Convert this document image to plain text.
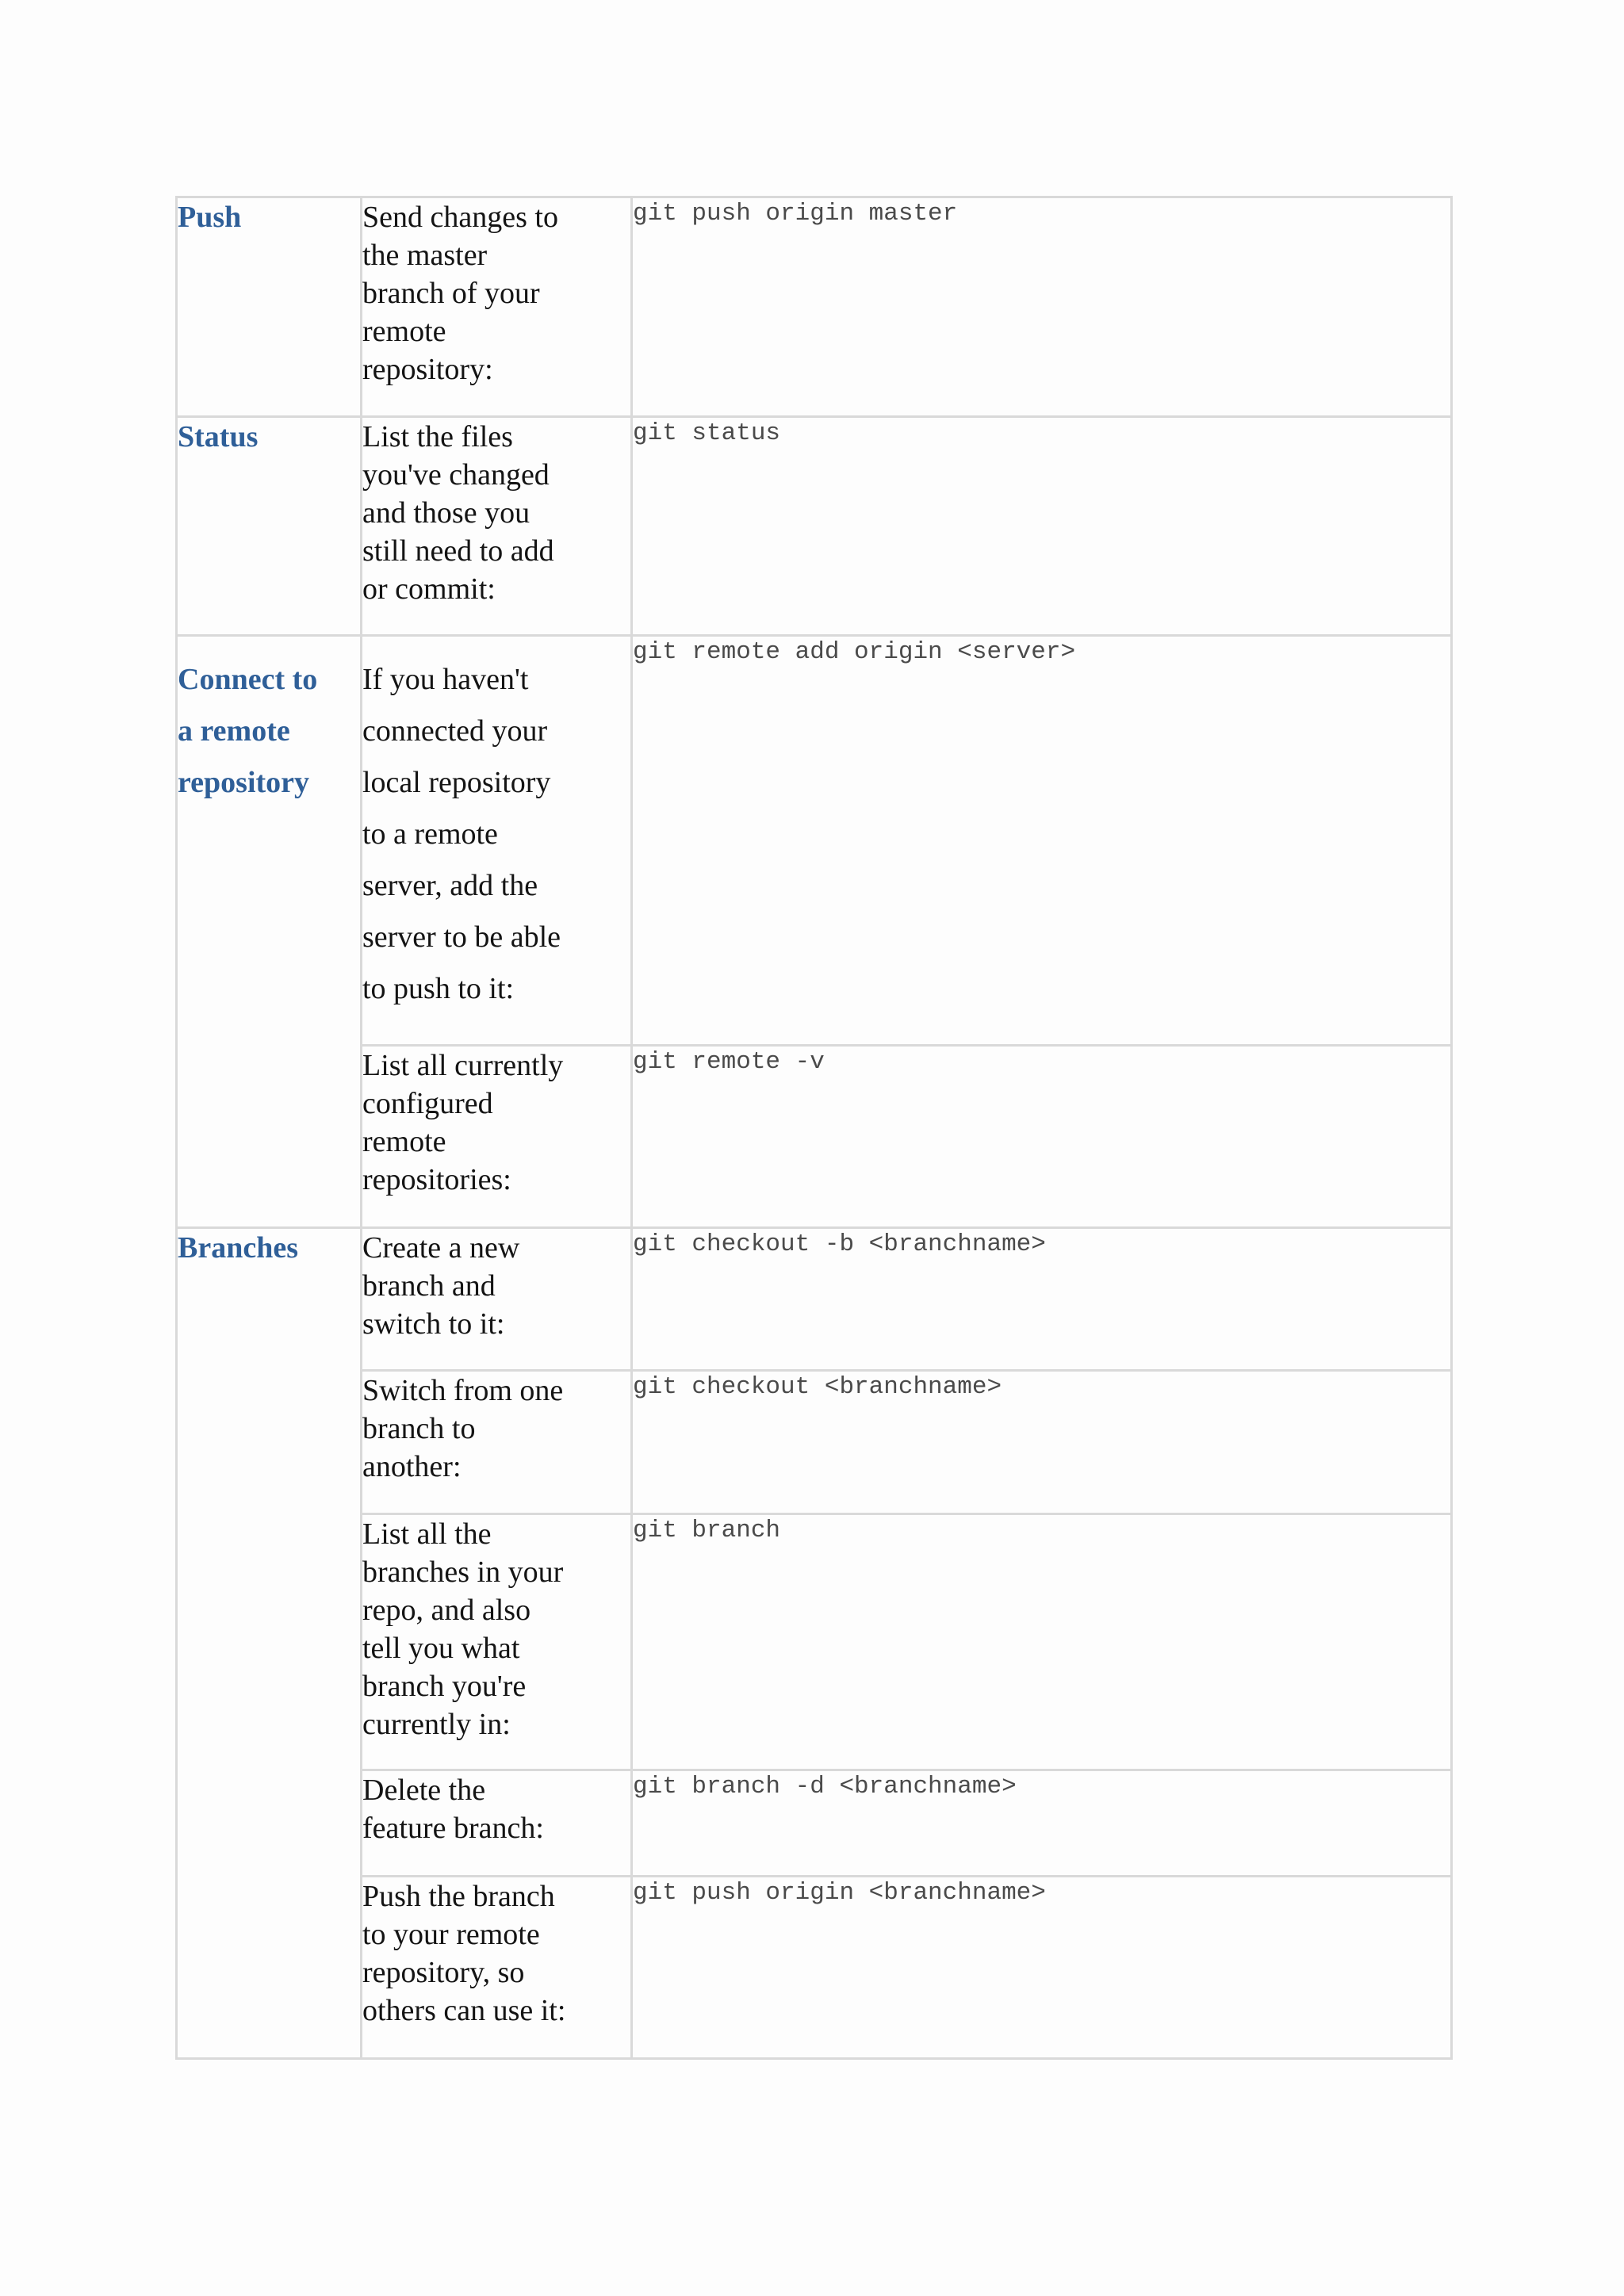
Push	Send changes to the master branch of your remote repository:	git push origin master
Status	List the files you've changed and those you still need to add or commit:	git status

Connect to a remote repository	If you haven't connected your local repository to a remote server, add the server to be able to push to it:	git remote add origin <server>

	List all currently configured remote repositories:	git remote -v
Branches	Create a new branch and switch to it:	git checkout -b <branchname>

	Switch from one branch to another:	git checkout <branchname>

	List all the branches in your repo, and also tell you what branch you're currently in:	git branch

	Delete the feature branch:	git branch -d <branchname>

	Push the branch to your remote repository, so others can use it:	git push origin <branchname>
